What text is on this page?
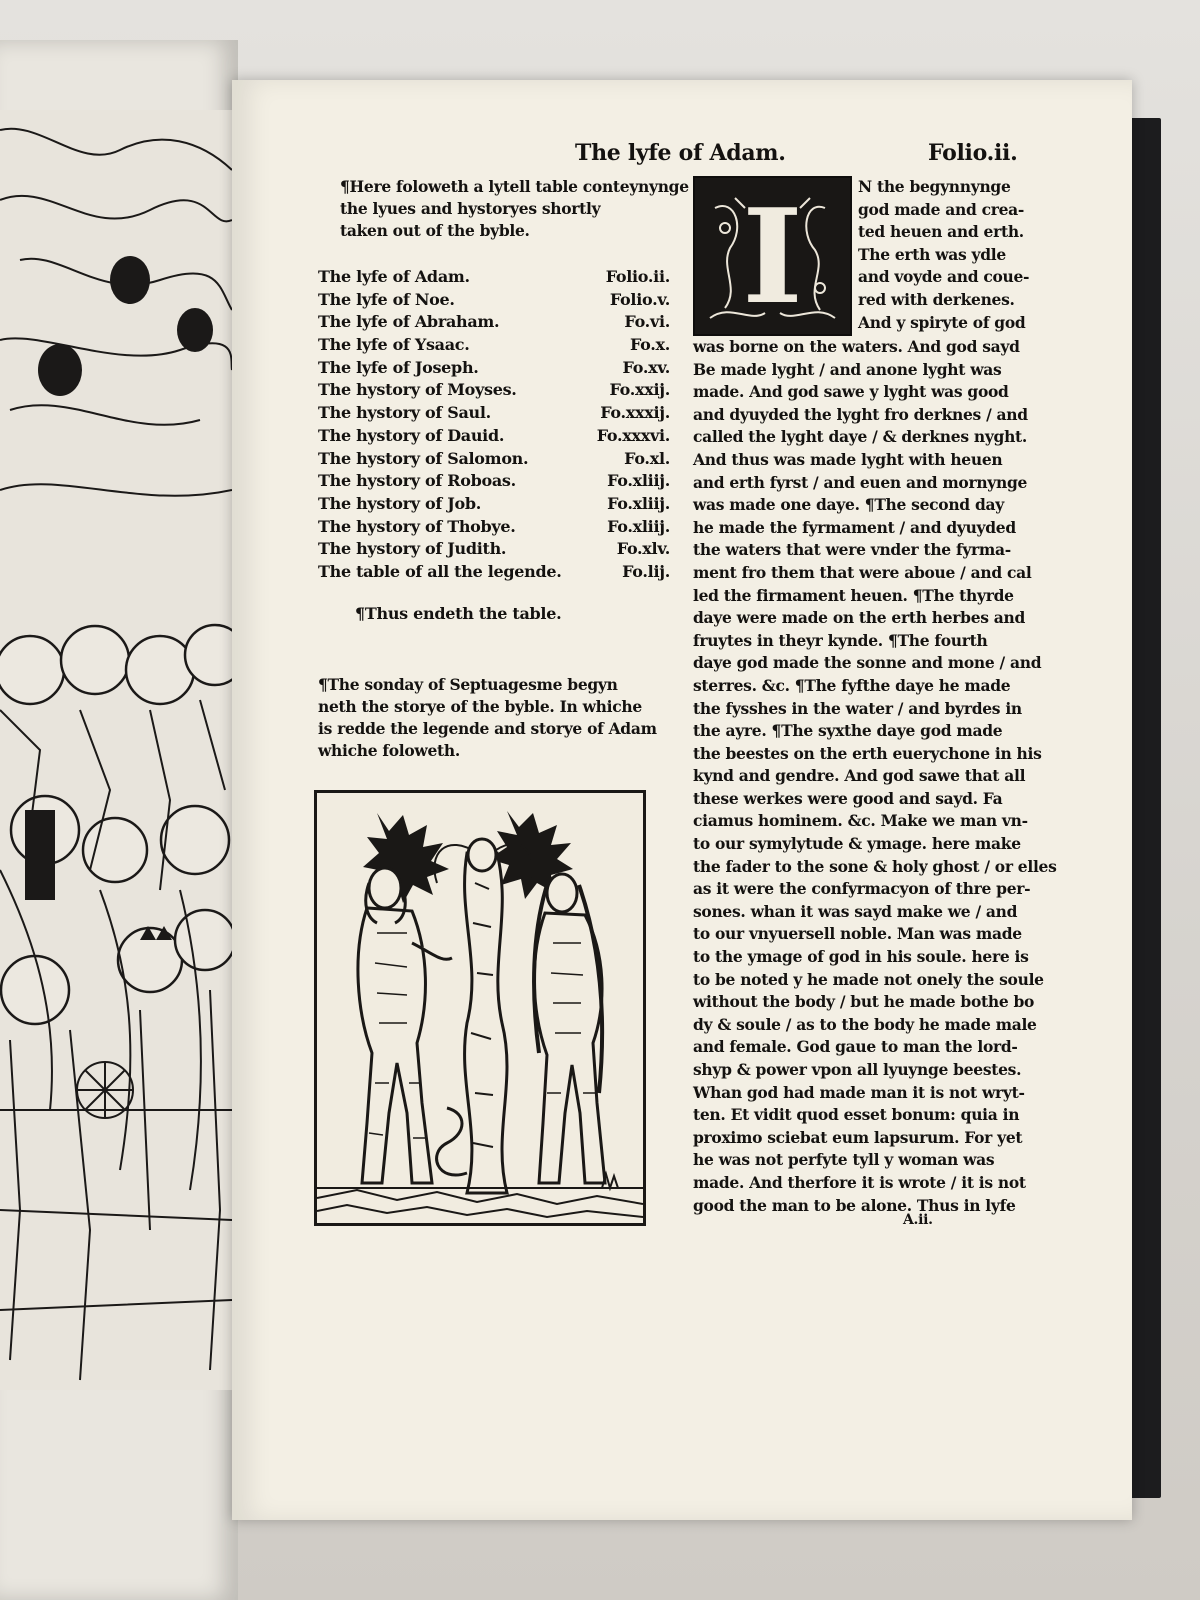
The lyfe of Adam.	Folio.ii.
¶Here foloweth a lytell table conteynynge
the lyues and hystoryes shortly
taken out of the byble.
The lyfe of Adam.	Folio.ii.
The lyfe of Noe.	Folio.v.
The lyfe of Abraham.	Fo.vi.
The lyfe of Ysaac.	Fo.x.
The lyfe of Joseph.	Fo.xv.
The hystory of Moyses.	Fo.xxij.
The hystory of Saul.	Fo.xxxij.
The hystory of Dauid.	Fo.xxxvi.
The hystory of Salomon.	Fo.xl.
The hystory of Roboas.	Fo.xliij.
The hystory of Job.	Fo.xliij.
The hystory of Thobye.	Fo.xliij.
The hystory of Judith.	Fo.xlv.
The table of all the legende.	Fo.lij.
¶Thus endeth the table.
¶The sonday of Septuagesme begyn
neth the storye of the byble. In whiche
is redde the legende and storye of Adam
whiche foloweth.
I	N the begynnynge
god made and crea-
ted heuen and erth.
The erth was ydle
and voyde and coue-
red with derkenes.
And y spiryte of god
was borne on the waters. And god sayd
Be made lyght / and anone lyght was
made. And god sawe y lyght was good
and dyuyded the lyght fro derknes / and
called the lyght daye / & derknes nyght.
And thus was made lyght with heuen
and erth fyrst / and euen and mornynge
was made one daye. ¶The second day
he made the fyrmament / and dyuyded
the waters that were vnder the fyrma-
ment fro them that were aboue / and cal
led the firmament heuen. ¶The thyrde
daye were made on the erth herbes and
fruytes in theyr kynde. ¶The fourth
daye god made the sonne and mone / and
sterres. &c. ¶The fyfthe daye he made
the fysshes in the water / and byrdes in
the ayre. ¶The syxthe daye god made
the beestes on the erth euerychone in his
kynd and gendre. And god sawe that all
these werkes were good and sayd. Fa
ciamus hominem. &c. Make we man vn-
to our symylytude & ymage. here make
the fader to the sone & holy ghost / or elles
as it were the confyrmacyon of thre per-
sones. whan it was sayd make we / and
to our vnyuersell noble. Man was made
to the ymage of god in his soule. here is
to be noted y he made not onely the soule
without the body / but he made bothe bo
dy & soule / as to the body he made male
and female. God gaue to man the lord-
shyp & power vpon all lyuynge beestes.
Whan god had made man it is not wryt-
ten. Et vidit quod esset bonum: quia in
proximo sciebat eum lapsurum. For yet
he was not perfyte tyll y woman was
made. And therfore it is wrote / it is not
good the man to be alone. Thus in lyfe
A.ii.
